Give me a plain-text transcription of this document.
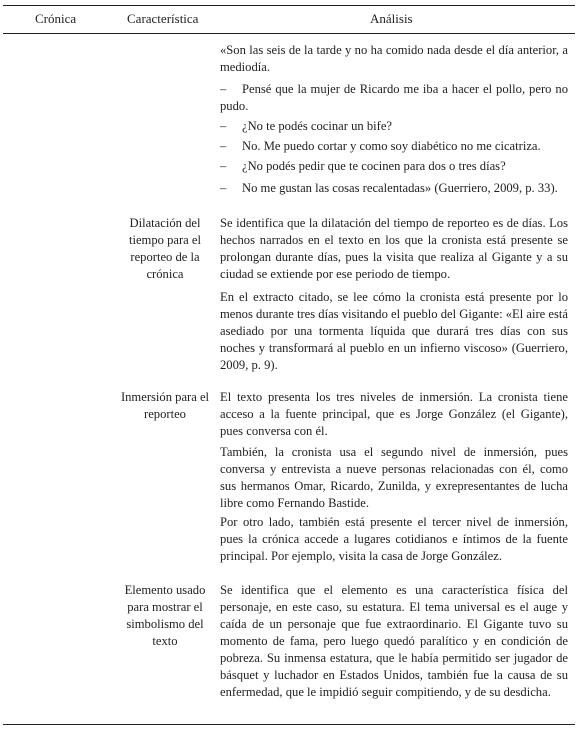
Crónica	Característica	Análisis

«Son las seis de la tarde y no ha comido nada desde el día anterior, a mediodía.

– Pensé que la mujer de Ricardo me iba a hacer el pollo, pero no pudo.
– ¿No te podés cocinar un bife?
– No. Me puedo cortar y como soy diabético no me cicatriza.
– ¿No podés pedir que te cocinen para dos o tres días?
– No me gustan las cosas recalentadas» (Guerriero, 2009, p. 33).
Dilatación del tiempo para el reporteo de la crónica

Se identifica que la dilatación del tiempo de reporteo es de días. Los hechos narrados en el texto en los que la cronista está presente se prolongan durante días, pues la visita que realiza al Gigante y a su ciudad se extiende por ese periodo de tiempo.

En el extracto citado, se lee cómo la cronista está presente por lo menos durante tres días visitando el pueblo del Gigante: «El aire está asediado por una tormenta líquida que durará tres días con sus noches y transformará al pueblo en un infierno viscoso» (Guerriero, 2009, p. 9).

Inmersión para el reporteo

El texto presenta los tres niveles de inmersión. La cronista tiene acceso a la fuente principal, que es Jorge González (el Gigante), pues conversa con él.

También, la cronista usa el segundo nivel de inmersión, pues conversa y entrevista a nueve personas relacionadas con él, como sus hermanos Omar, Ricardo, Zunilda, y exrepresentantes de lucha libre como Fernando Bastide.

Por otro lado, también está presente el tercer nivel de inmersión, pues la crónica accede a lugares cotidianos e íntimos de la fuente principal. Por ejemplo, visita la casa de Jorge González.

Elemento usado para mostrar el simbolismo del texto

Se identifica que el elemento es una característica física del personaje, en este caso, su estatura. El tema universal es el auge y caída de un personaje que fue extraordinario. El Gigante tuvo su momento de fama, pero luego quedó paralítico y en condición de pobreza. Su inmensa estatura, que le había permitido ser jugador de básquet y luchador en Estados Unidos, también fue la causa de su enfermedad, que le impidió seguir compitiendo, y de su desdicha.
